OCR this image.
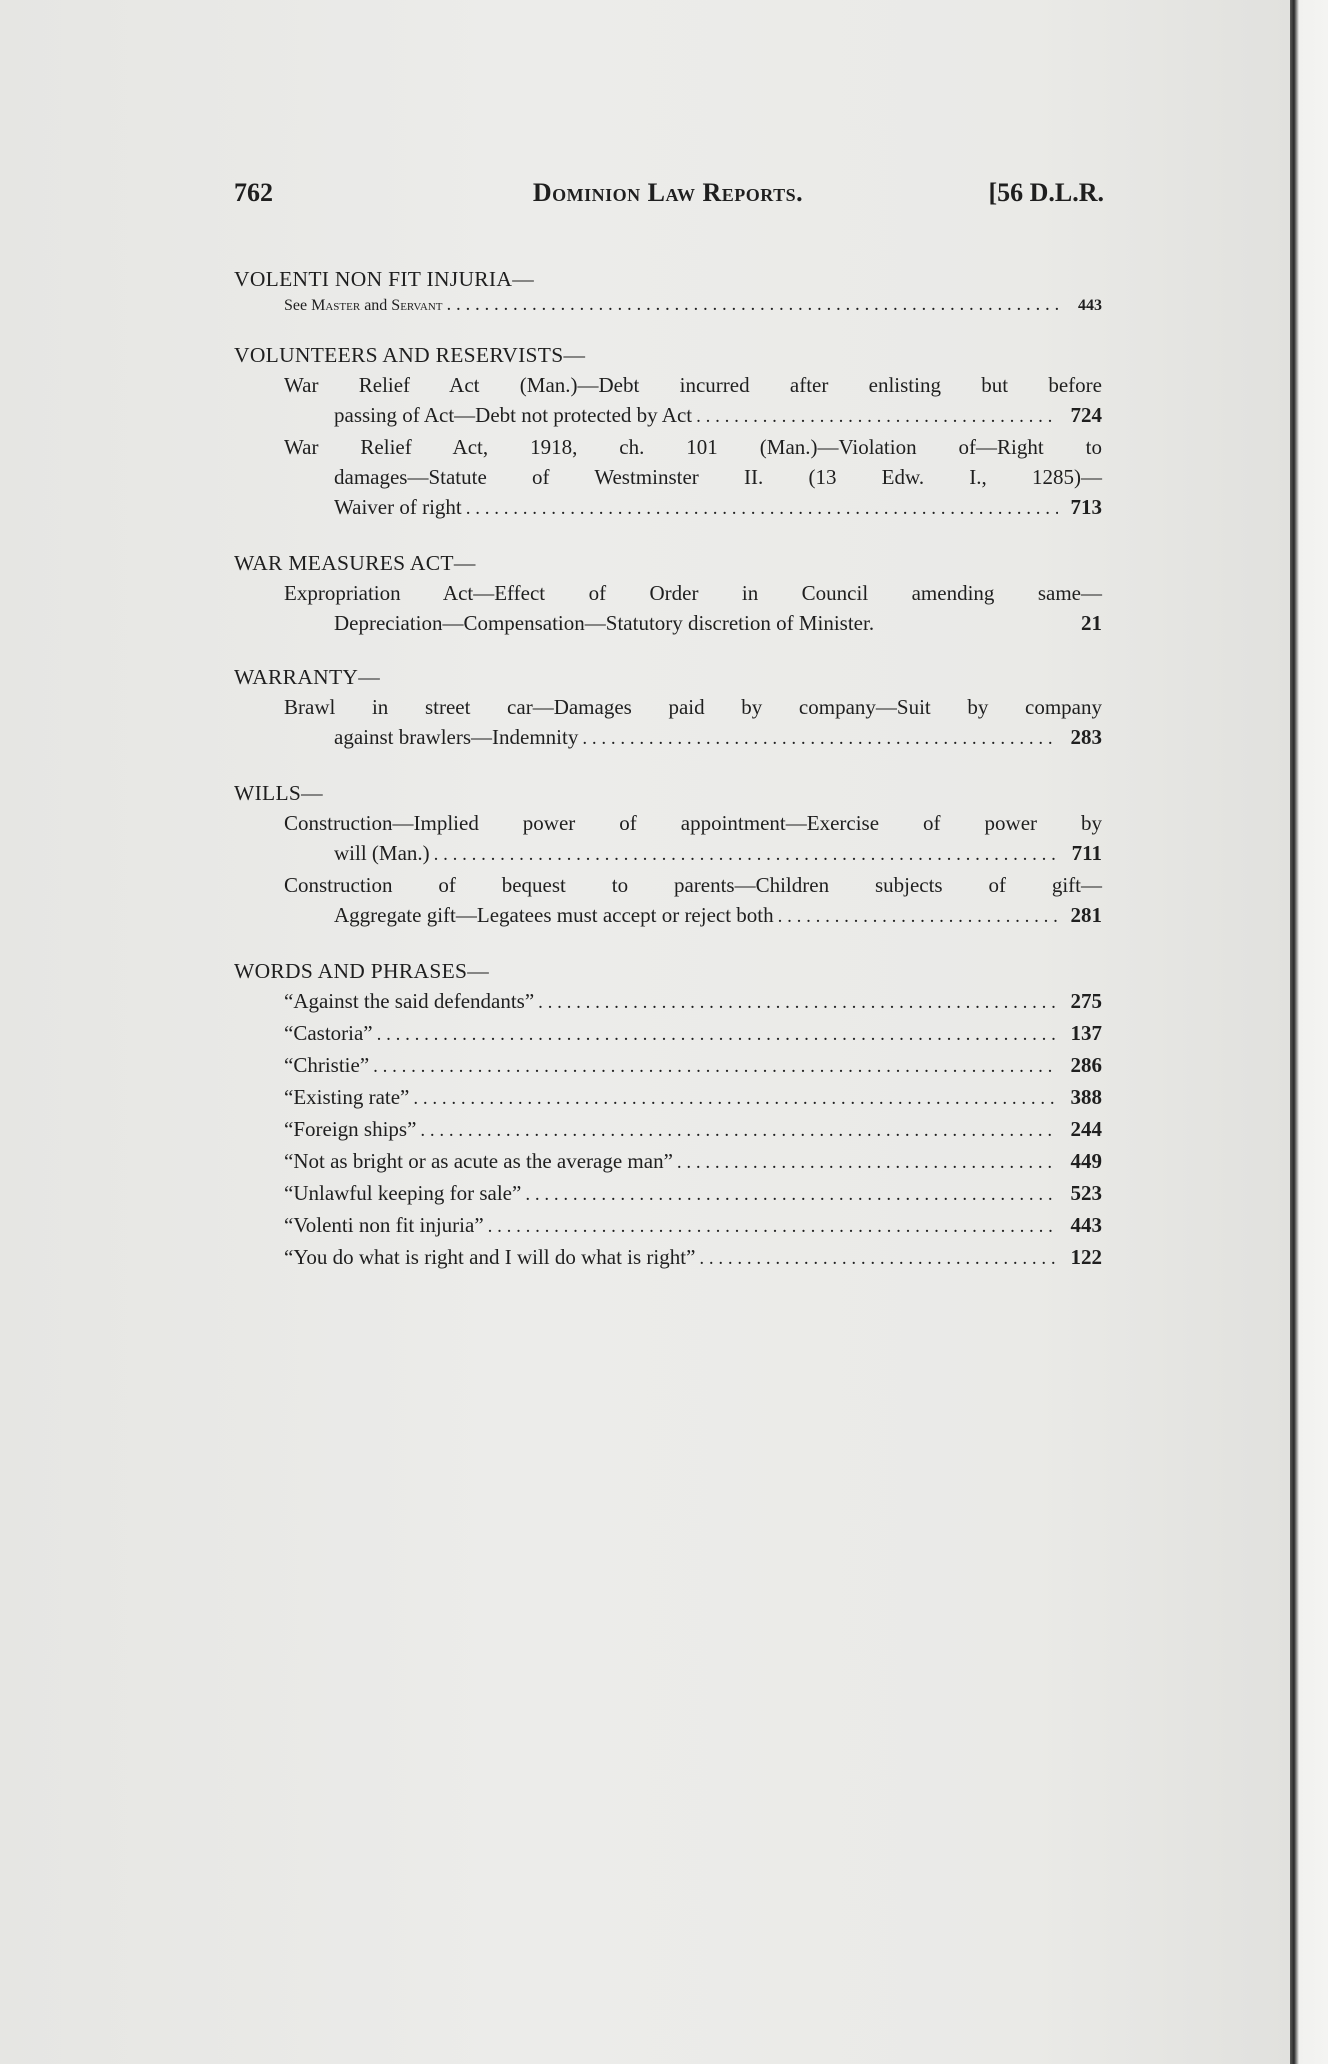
762	Dominion Law Reports.	[56 D.L.R.
VOLENTI NON FIT INJURIA—
See Master and Servant . . .	443
VOLUNTEERS AND RESERVISTS—
War Relief Act (Man.)—Debt incurred after enlisting but before
passing of Act—Debt not protected by Act . . .	724
War Relief Act, 1918, ch. 101 (Man.)—Violation of—Right to
damages—Statute of Westminster II. (13 Edw. I., 1285)—
Waiver of right . . .	713
WAR MEASURES ACT—
Expropriation Act—Effect of Order in Council amending same—
Depreciation—Compensation—Statutory discretion of Minister.	21
WARRANTY—
Brawl in street car—Damages paid by company—Suit by company
against brawlers—Indemnity . . .	283
WILLS—
Construction—Implied power of appointment—Exercise of power by
will (Man.) . . .	711
Construction of bequest to parents—Children subjects of gift—
Aggregate gift—Legatees must accept or reject both . . .	281
WORDS AND PHRASES—
“Against the said defendants” . . .	275
“Castoria” . . .	137
“Christie” . . .	286
“Existing rate” . . .	388
“Foreign ships” . . .	244
“Not as bright or as acute as the average man” . . .	449
“Unlawful keeping for sale” . . .	523
“Volenti non fit injuria” . . .	443
“You do what is right and I will do what is right” . . .	122
